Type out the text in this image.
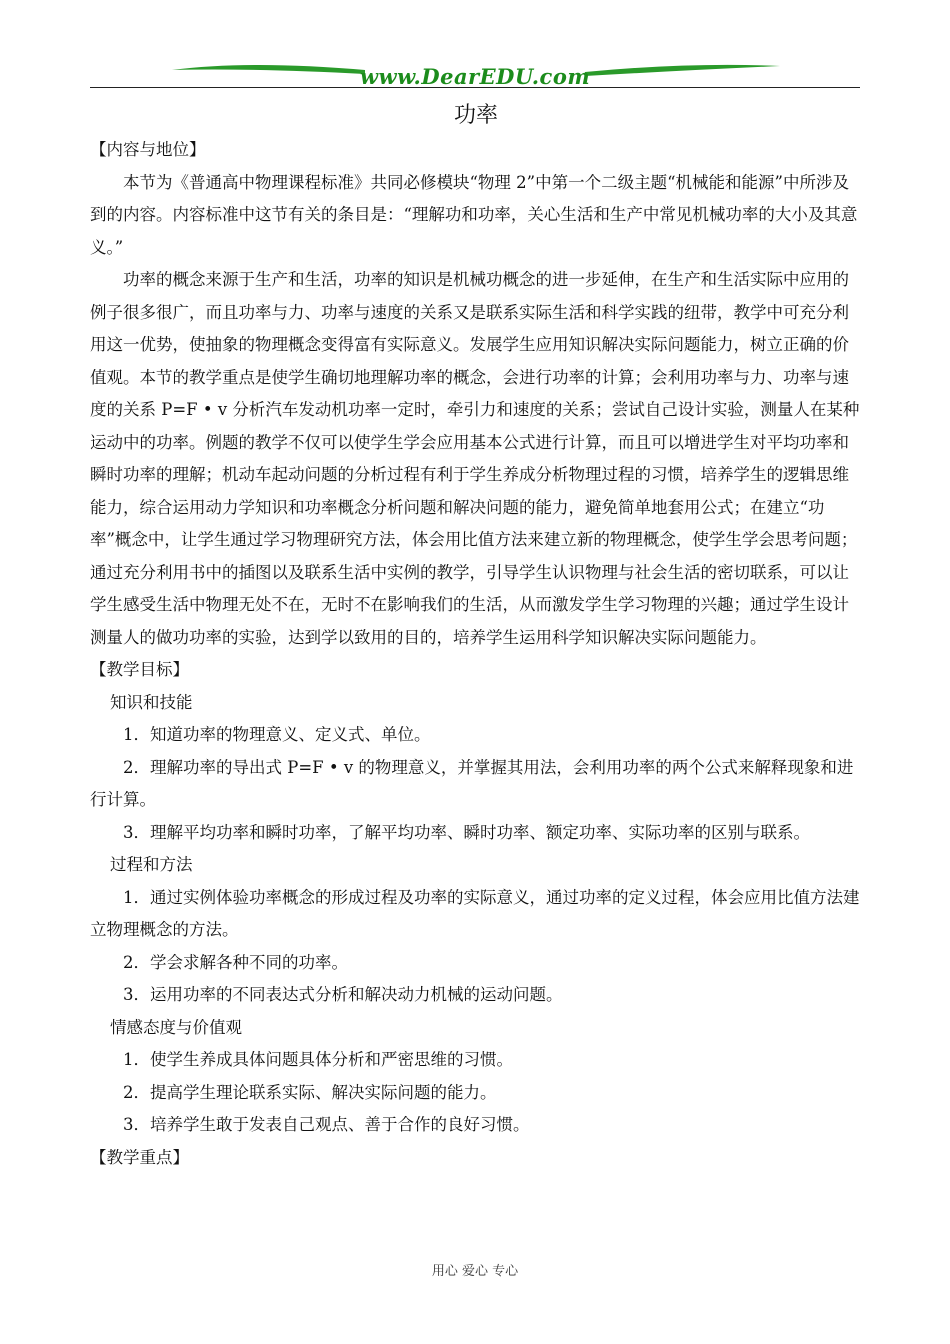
www.DearEDU.com
功率

【内容与地位】

本节为《普通高中物理课程标准》共同必修模块“物理 2”中第一个二级主题“机械能和能源”中所涉及到的内容。内容标准中这节有关的条目是：“理解功和功率，关心生活和生产中常见机械功率的大小及其意义。”

功率的概念来源于生产和生活，功率的知识是机械功概念的进一步延伸，在生产和生活实际中应用的例子很多很广，而且功率与力、功率与速度的关系又是联系实际生活和科学实践的纽带，教学中可充分利用这一优势，使抽象的物理概念变得富有实际意义。发展学生应用知识解决实际问题能力，树立正确的价值观。本节的教学重点是使学生确切地理解功率的概念，会进行功率的计算；会利用功率与力、功率与速度的关系 P=F • v 分析汽车发动机功率一定时，牵引力和速度的关系；尝试自己设计实验，测量人在某种运动中的功率。例题的教学不仅可以使学生学会应用基本公式进行计算，而且可以增进学生对平均功率和瞬时功率的理解；机动车起动问题的分析过程有利于学生养成分析物理过程的习惯，培养学生的逻辑思维能力，综合运用动力学知识和功率概念分析问题和解决问题的能力，避免简单地套用公式；在建立“功率”概念中，让学生通过学习物理研究方法，体会用比值方法来建立新的物理概念，使学生学会思考问题；通过充分利用书中的插图以及联系生活中实例的教学，引导学生认识物理与社会生活的密切联系，可以让学生感受生活中物理无处不在，无时不在影响我们的生活，从而激发学生学习物理的兴趣；通过学生设计测量人的做功功率的实验，达到学以致用的目的，培养学生运用科学知识解决实际问题能力。

【教学目标】

知识和技能

1．知道功率的物理意义、定义式、单位。

2．理解功率的导出式 P=F • v 的物理意义，并掌握其用法，会利用功率的两个公式来解释现象和进行计算。

3．理解平均功率和瞬时功率，了解平均功率、瞬时功率、额定功率、实际功率的区别与联系。

过程和方法

1．通过实例体验功率概念的形成过程及功率的实际意义，通过功率的定义过程，体会应用比值方法建立物理概念的方法。

2．学会求解各种不同的功率。

3．运用功率的不同表达式分析和解决动力机械的运动问题。

情感态度与价值观

1．使学生养成具体问题具体分析和严密思维的习惯。

2．提高学生理论联系实际、解决实际问题的能力。

3．培养学生敢于发表自己观点、善于合作的良好习惯。

【教学重点】

用心 爱心 专心
